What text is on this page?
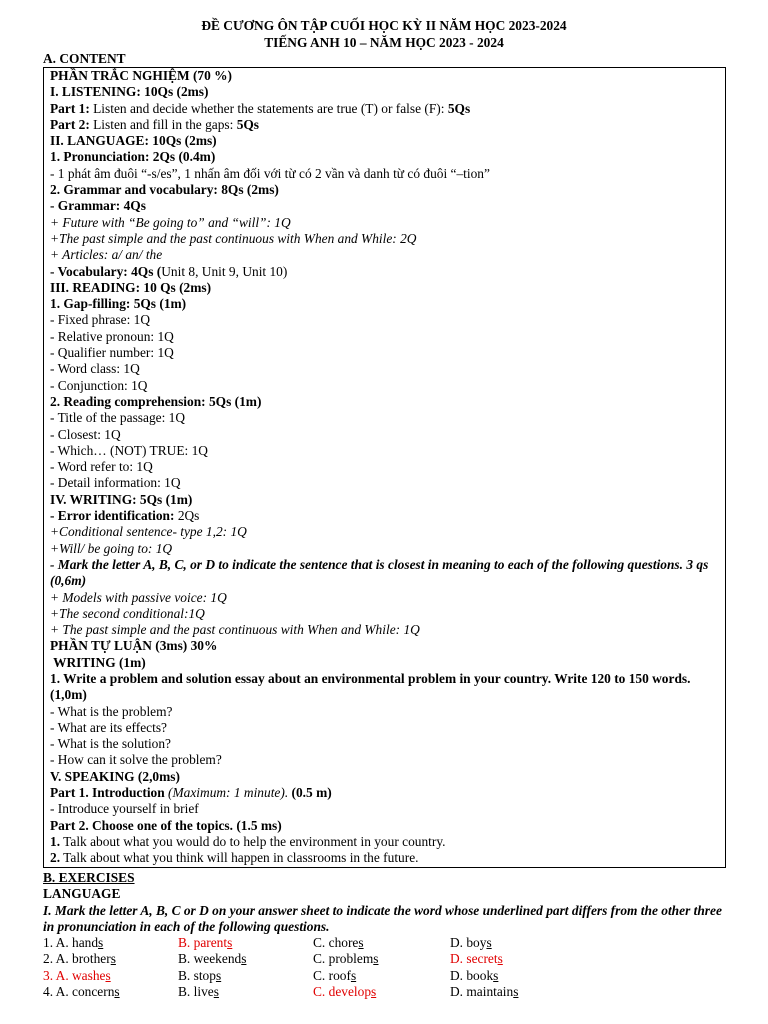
ĐỀ CƯƠNG ÔN TẬP CUỐI HỌC KỲ II NĂM HỌC 2023-2024
TIẾNG ANH 10 – NĂM HỌC 2023 - 2024
A. CONTENT
PHẦN TRẮC NGHIỆM (70 %)
I. LISTENING: 10Qs (2ms)
Part 1: Listen and decide whether the statements are true (T) or false (F): 5Qs
Part 2: Listen and fill in the gaps: 5Qs
II. LANGUAGE: 10Qs (2ms)
1. Pronunciation: 2Qs (0.4m)
- 1 phát âm đuôi “-s/es”, 1 nhấn âm đối với từ có 2 vần và danh từ có đuôi “–tion”
2. Grammar and vocabulary: 8Qs (2ms)
- Grammar: 4Qs
+ Future with “Be going to” and “will”: 1Q
+The past simple and the past continuous with When and While: 2Q
+ Articles: a/ an/ the
- Vocabulary: 4Qs (Unit 8, Unit 9, Unit 10)
III. READING: 10 Qs (2ms)
1. Gap-filling: 5Qs (1m)
- Fixed phrase: 1Q
- Relative pronoun: 1Q
- Qualifier number: 1Q
- Word class: 1Q
- Conjunction: 1Q
2. Reading comprehension: 5Qs (1m)
- Title of the passage: 1Q
- Closest: 1Q
- Which… (NOT) TRUE: 1Q
- Word refer to: 1Q
- Detail information: 1Q
IV. WRITING: 5Qs (1m)
- Error identification: 2Qs
+Conditional sentence- type 1,2: 1Q
+Will/ be going to: 1Q
- Mark the letter A, B, C, or D to indicate the sentence that is closest in meaning to each of the following questions. 3 qs (0,6m)
+ Models with passive voice: 1Q
+The second conditional:1Q
+ The past simple and the past continuous with When and While: 1Q
PHẦN TỰ LUẬN (3ms) 30%
WRITING (1m)
1. Write a problem and solution essay about an environmental problem in your country. Write 120 to 150 words. (1,0m)
- What is the problem?
- What are its effects?
- What is the solution?
- How can it solve the problem?
V. SPEAKING (2,0ms)
Part 1. Introduction (Maximum: 1 minute). (0.5 m)
- Introduce yourself in brief
Part 2. Choose one of the topics. (1.5 ms)
1. Talk about what you would do to help the environment in your country.
2. Talk about what you think will happen in classrooms in the future.
B. EXERCISES
LANGUAGE
I. Mark the letter A, B, C or D on your answer sheet to indicate the word whose underlined part differs from the other three in pronunciation in each of the following questions.
1. A. hands	B. parents	C. chores	D. boys
2. A. brothers	B. weekends	C. problems	D. secrets
3. A. washes	B. stops	C. roofs	D. books
4. A. concerns	B. lives	C. develops	D. maintains
